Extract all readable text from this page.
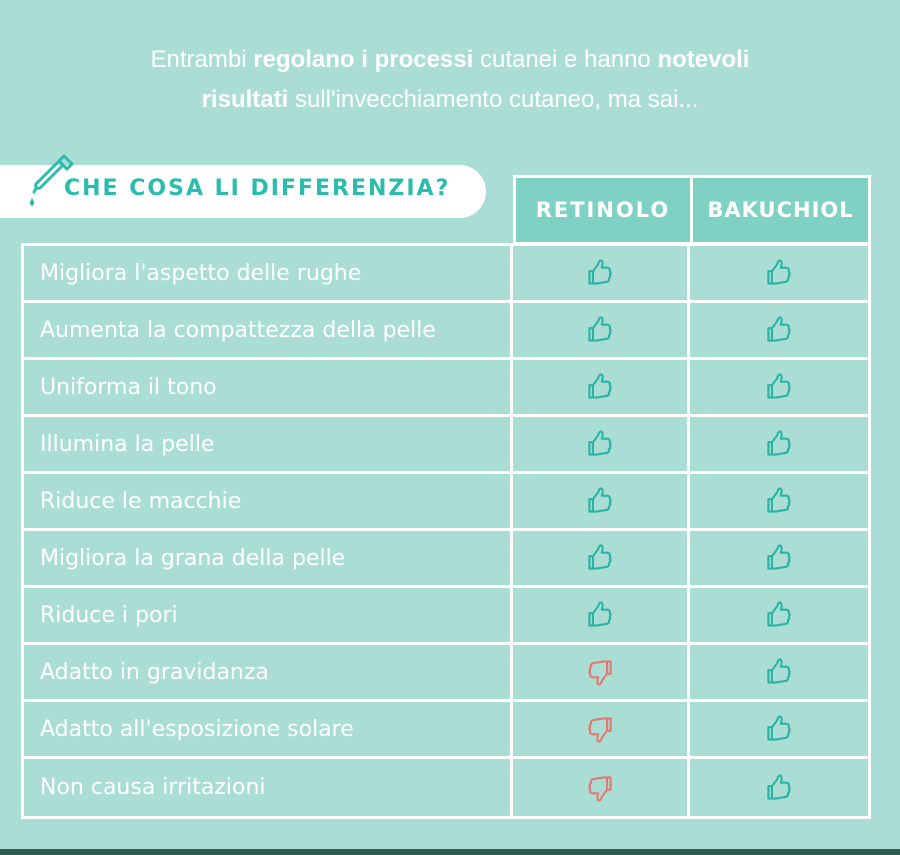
Entrambi regolano i processi cutanei e hanno notevoli
risultati sull'invecchiamento cutaneo, ma sai...
CHE COSA LI DIFFERENZIA?
RETINOLO	BAKUCHIOL
Migliora l'aspetto delle rughe
Aumenta la compattezza della pelle
Uniforma il tono
Illumina la pelle
Riduce le macchie
Migliora la grana della pelle
Riduce i pori
Adatto in gravidanza
Adatto all'esposizione solare
Non causa irritazioni
